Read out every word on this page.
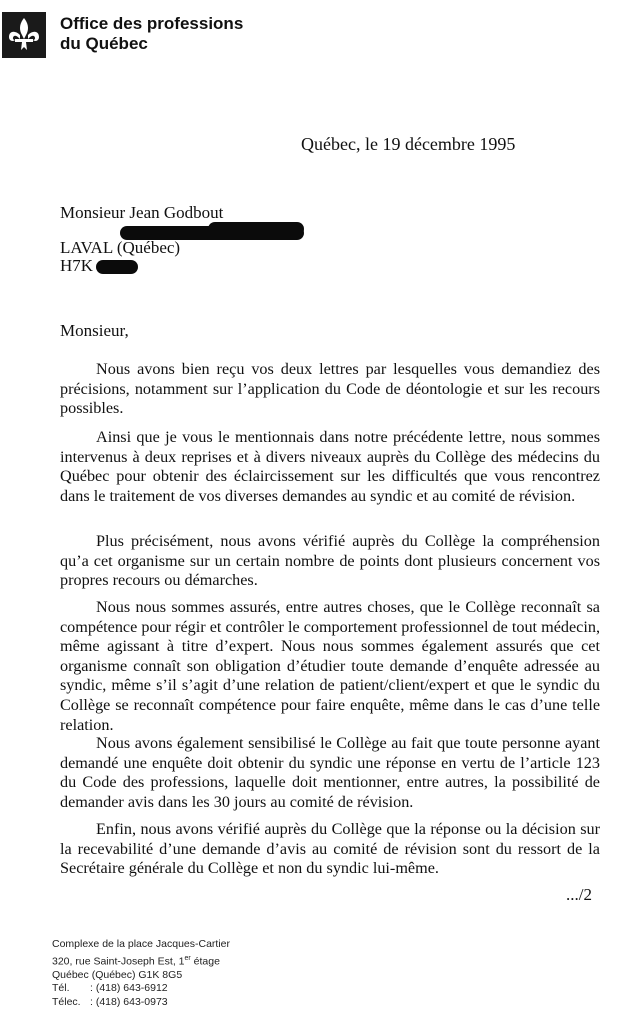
Office des professions
du Québec

Québec, le 19 décembre 1995
Monsieur Jean Godbout
LAVAL (Québec)
H7K
Monsieur,
Nous avons bien reçu vos deux lettres par lesquelles vous demandiez des précisions, notamment sur l’application du Code de déontologie et sur les recours possibles.
Ainsi que je vous le mentionnais dans notre précédente lettre, nous sommes intervenus à deux reprises et à divers niveaux auprès du Collège des médecins du Québec pour obtenir des éclaircissement sur les difficultés que vous rencontrez dans le traitement de vos diverses demandes au syndic et au comité de révision.
Plus précisément, nous avons vérifié auprès du Collège la compréhension qu’a cet organisme sur un certain nombre de points dont plusieurs concernent vos propres recours ou démarches.
Nous nous sommes assurés, entre autres choses, que le Collège reconnaît sa compétence pour régir et contrôler le comportement professionnel de tout médecin, même agissant à titre d’expert. Nous nous sommes également assurés que cet organisme connaît son obligation d’étudier toute demande d’enquête adressée au syndic, même s’il s’agit d’une relation de patient/client/expert et que le syndic du Collège se reconnaît compétence pour faire enquête, même dans le cas d’une telle relation.
Nous avons également sensibilisé le Collège au fait que toute personne ayant demandé une enquête doit obtenir du syndic une réponse en vertu de l’article 123 du Code des professions, laquelle doit mentionner, entre autres, la possibilité de demander avis dans les 30 jours au comité de révision.
Enfin, nous avons vérifié auprès du Collège que la réponse ou la décision sur la recevabilité d’une demande d’avis au comité de révision sont du ressort de la Secrétaire générale du Collège et non du syndic lui-même.
.../2
Complexe de la place Jacques-Cartier
320, rue Saint-Joseph Est, 1er étage
Québec (Québec) G1K 8G5
Tél. : (418) 643-6912
Télec. : (418) 643-0973
